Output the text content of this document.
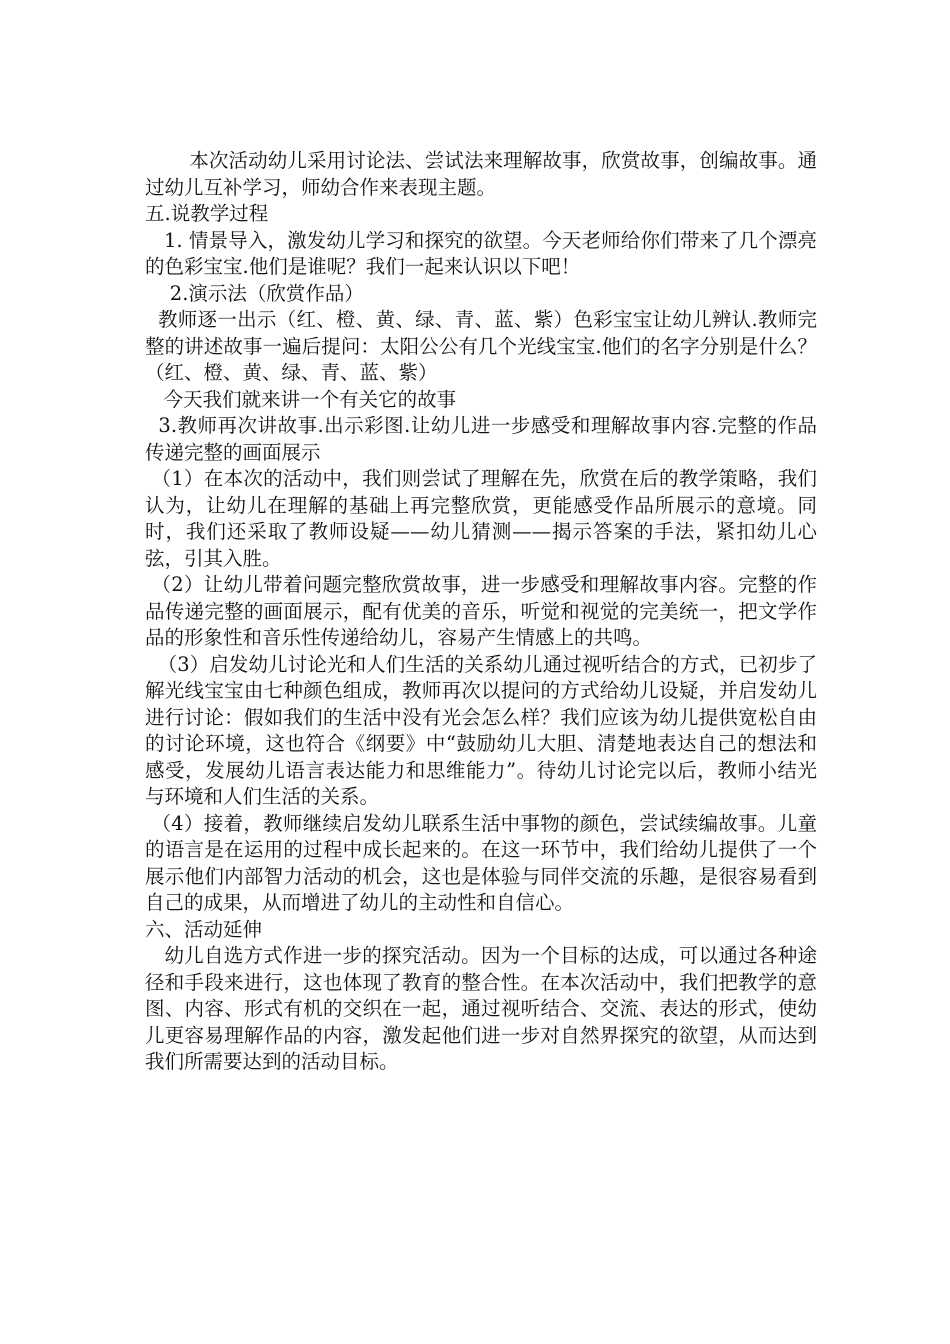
本次活动幼儿采用讨论法、尝试法来理解故事，欣赏故事，创编故事。通过幼儿互补学习，师幼合作来表现主题。

五.说教学过程

1. 情景导入，激发幼儿学习和探究的欲望。今天老师给你们带来了几个漂亮的色彩宝宝.他们是谁呢？我们一起来认识以下吧！

2.演示法（欣赏作品）

教师逐一出示（红、橙、黄、绿、青、蓝、紫）色彩宝宝让幼儿辨认.教师完整的讲述故事一遍后提问：太阳公公有几个光线宝宝.他们的名字分别是什么？（红、橙、黄、绿、青、蓝、紫）

今天我们就来讲一个有关它的故事

3.教师再次讲故事.出示彩图.让幼儿进一步感受和理解故事内容.完整的作品传递完整的画面展示

（1）在本次的活动中，我们则尝试了理解在先，欣赏在后的教学策略，我们认为，让幼儿在理解的基础上再完整欣赏，更能感受作品所展示的意境。同时，我们还采取了教师设疑——幼儿猜测——揭示答案的手法，紧扣幼儿心弦，引其入胜。

（2）让幼儿带着问题完整欣赏故事，进一步感受和理解故事内容。完整的作品传递完整的画面展示，配有优美的音乐，听觉和视觉的完美统一，把文学作品的形象性和音乐性传递给幼儿，容易产生情感上的共鸣。

（3）启发幼儿讨论光和人们生活的关系幼儿通过视听结合的方式，已初步了解光线宝宝由七种颜色组成，教师再次以提问的方式给幼儿设疑，并启发幼儿进行讨论：假如我们的生活中没有光会怎么样？我们应该为幼儿提供宽松自由的讨论环境，这也符合《纲要》中“鼓励幼儿大胆、清楚地表达自己的想法和感受，发展幼儿语言表达能力和思维能力”。待幼儿讨论完以后，教师小结光与环境和人们生活的关系。

（4）接着，教师继续启发幼儿联系生活中事物的颜色，尝试续编故事。儿童的语言是在运用的过程中成长起来的。在这一环节中，我们给幼儿提供了一个展示他们内部智力活动的机会，这也是体验与同伴交流的乐趣，是很容易看到自己的成果，从而增进了幼儿的主动性和自信心。

六、活动延伸

幼儿自选方式作进一步的探究活动。因为一个目标的达成，可以通过各种途径和手段来进行，这也体现了教育的整合性。在本次活动中，我们把教学的意图、内容、形式有机的交织在一起，通过视听结合、交流、表达的形式，使幼儿更容易理解作品的内容，激发起他们进一步对自然界探究的欲望，从而达到我们所需要达到的活动目标。
